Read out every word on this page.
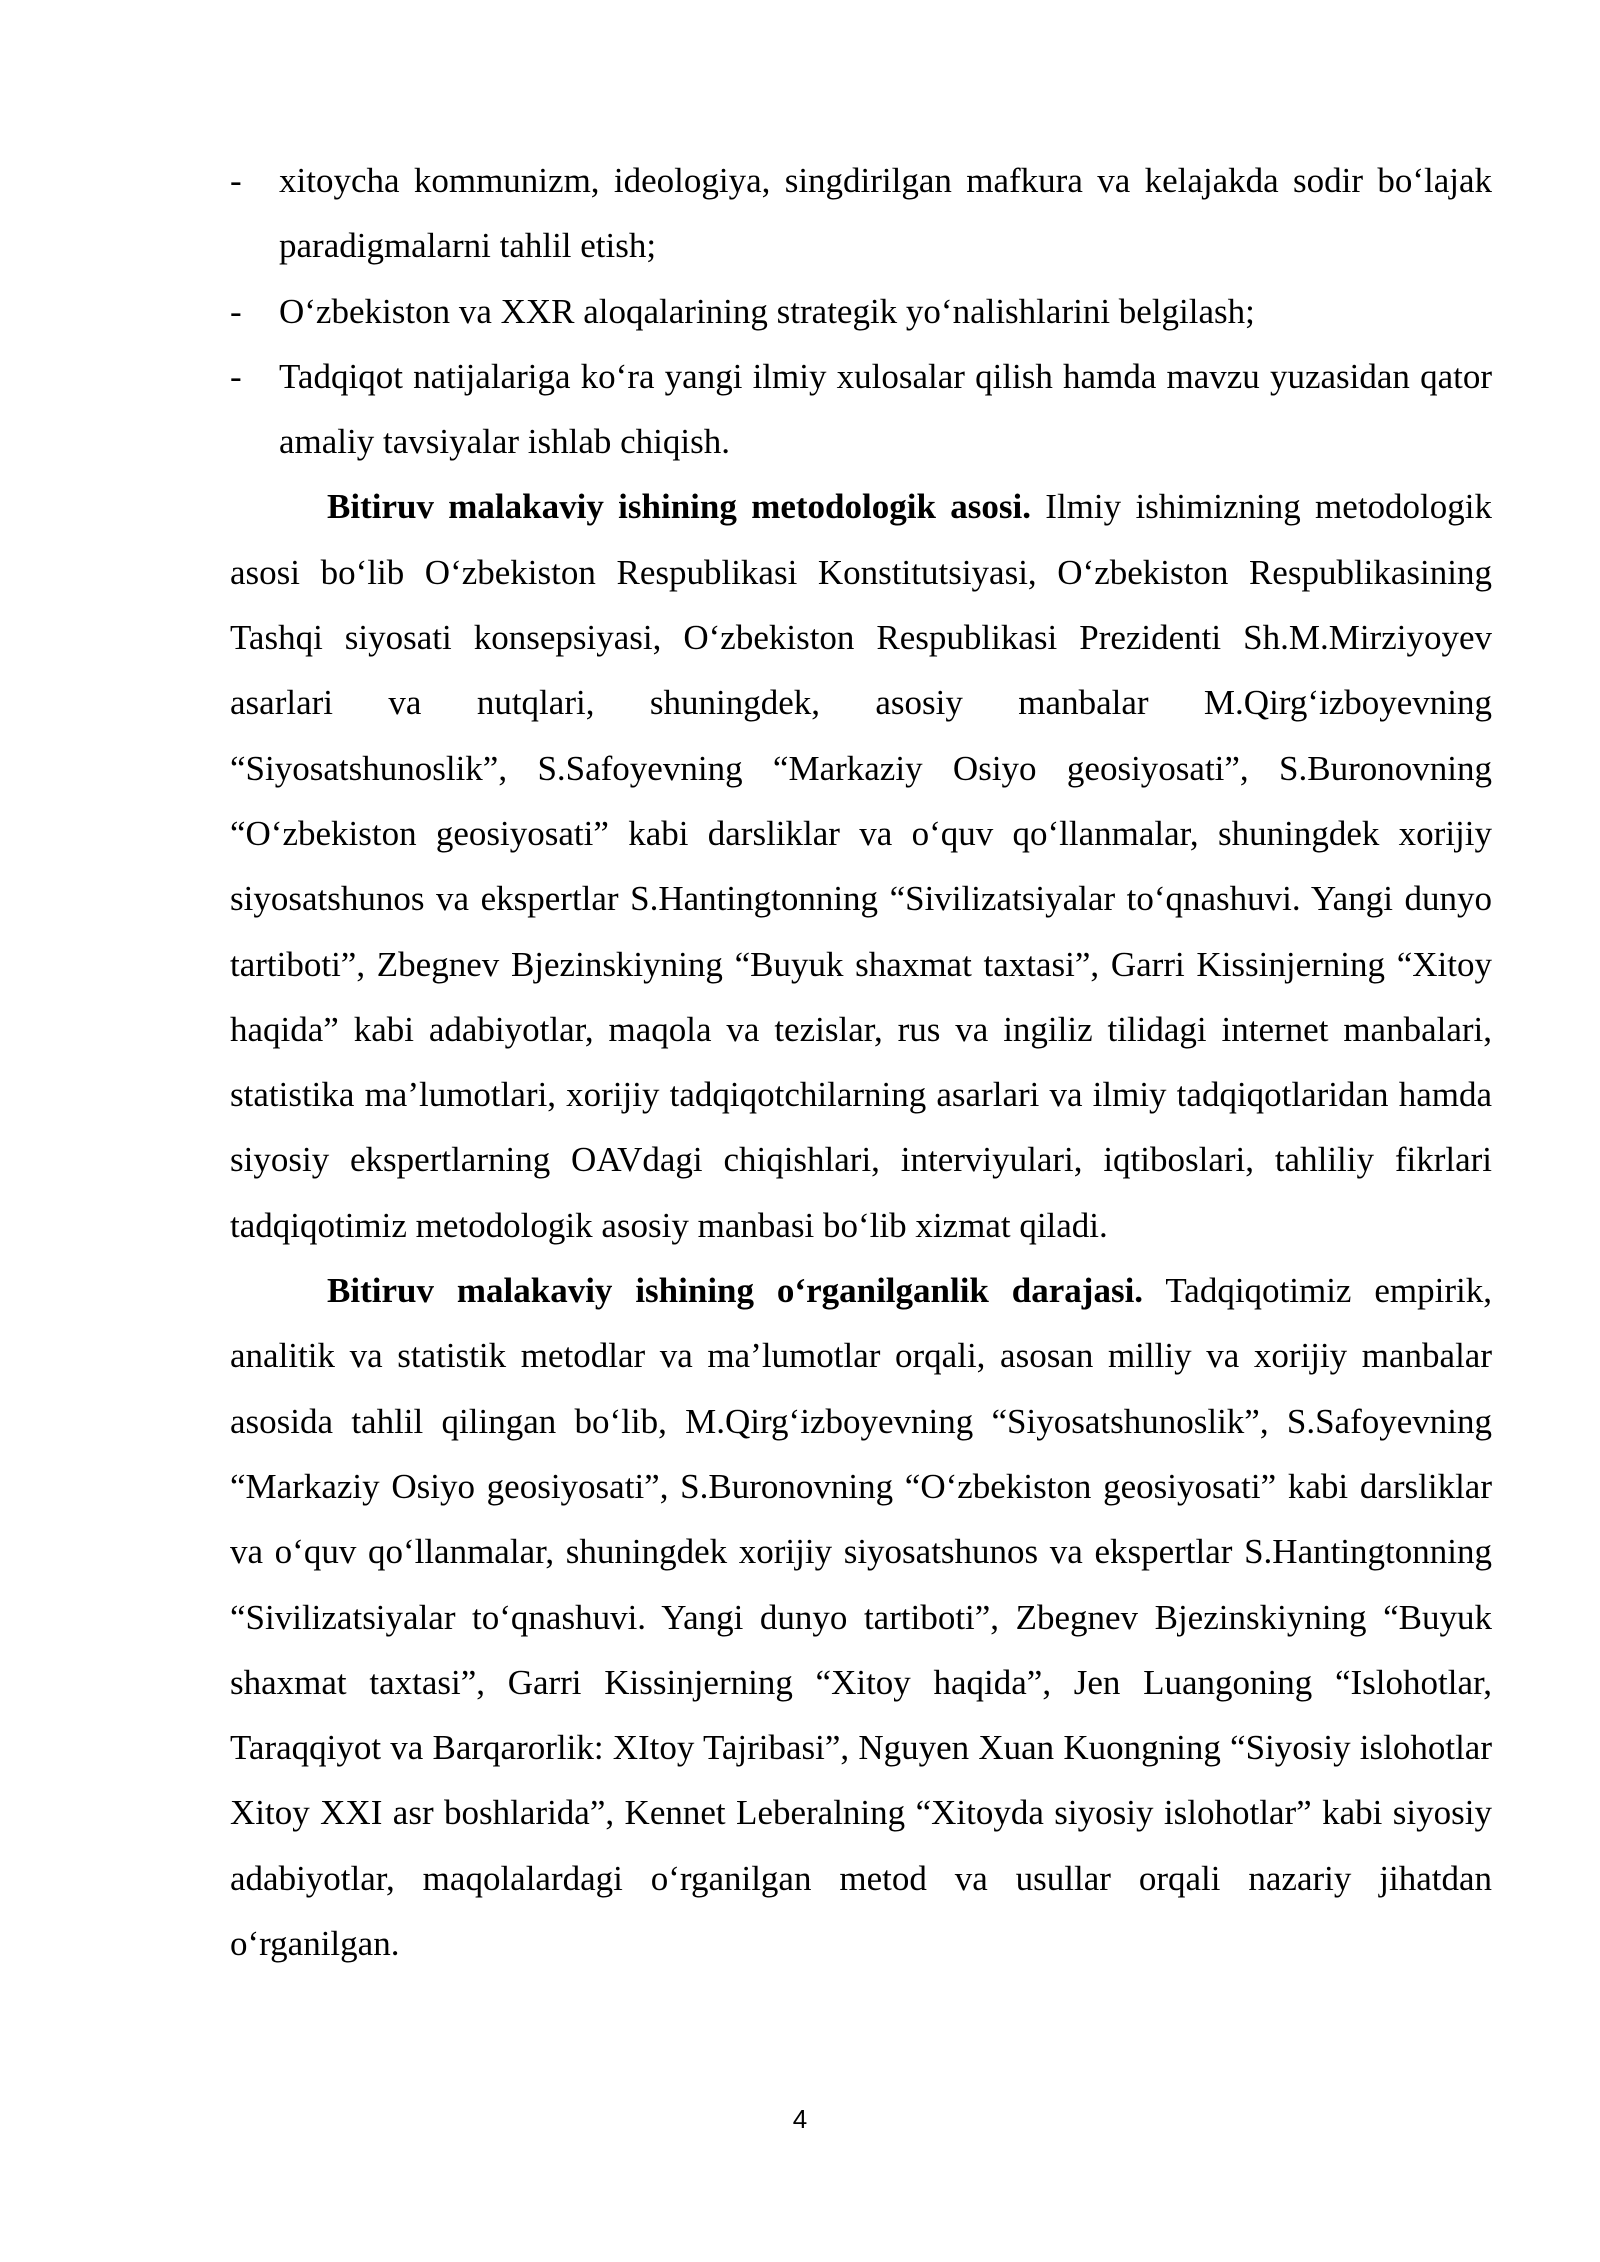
- xitoycha kommunizm, ideologiya, singdirilgan mafkura va kelajakda sodir bo‘lajak paradigmalarni tahlil etish;
- O‘zbekiston va XXR aloqalarining strategik yo‘nalishlarini belgilash;
- Tadqiqot natijalariga ko‘ra yangi ilmiy xulosalar qilish hamda mavzu yuzasidan qator amaliy tavsiyalar ishlab chiqish.

Bitiruv malakaviy ishining metodologik asosi. Ilmiy ishimizning metodologik asosi bo‘lib O‘zbekiston Respublikasi Konstitutsiyasi, O‘zbekiston Respublikasining Tashqi siyosati konsepsiyasi, O‘zbekiston Respublikasi Prezidenti Sh.M.Mirziyoyev asarlari va nutqlari, shuningdek, asosiy manbalar M.Qirg‘izboyevning “Siyosatshunoslik”, S.Safoyevning “Markaziy Osiyo geosiyosati”, S.Buronovning “O‘zbekiston geosiyosati” kabi darsliklar va o‘quv qo‘llanmalar, shuningdek xorijiy siyosatshunos va ekspertlar S.Hantingtonning “Sivilizatsiyalar to‘qnashuvi. Yangi dunyo tartiboti”, Zbegnev Bjezinskiyning “Buyuk shaxmat taxtasi”, Garri Kissinjerning “Xitoy haqida” kabi adabiyotlar, maqola va tezislar, rus va ingiliz tilidagi internet manbalari, statistika ma’lumotlari, xorijiy tadqiqotchilarning asarlari va ilmiy tadqiqotlaridan hamda siyosiy ekspertlarning OAVdagi chiqishlari, interviyulari, iqtiboslari, tahliliy fikrlari tadqiqotimiz metodologik asosiy manbasi bo‘lib xizmat qiladi.

Bitiruv malakaviy ishining o‘rganilganlik darajasi. Tadqiqotimiz empirik, analitik va statistik metodlar va ma’lumotlar orqali, asosan milliy va xorijiy manbalar asosida tahlil qilingan bo‘lib, M.Qirg‘izboyevning “Siyosatshunoslik”, S.Safoyevning “Markaziy Osiyo geosiyosati”, S.Buronovning “O‘zbekiston geosiyosati” kabi darsliklar va o‘quv qo‘llanmalar, shuningdek xorijiy siyosatshunos va ekspertlar S.Hantingtonning “Sivilizatsiyalar to‘qnashuvi. Yangi dunyo tartiboti”, Zbegnev Bjezinskiyning “Buyuk shaxmat taxtasi”, Garri Kissinjerning “Xitoy haqida”, Jen Luangoning “Islohotlar, Taraqqiyot va Barqarorlik: XItoy Tajribasi”, Nguyen Xuan Kuongning “Siyosiy islohotlar Xitoy XXI asr boshlarida”, Kennet Leberalning “Xitoyda siyosiy islohotlar” kabi siyosiy adabiyotlar, maqolalardagi o‘rganilgan metod va usullar orqali nazariy jihatdan o‘rganilgan.

4
